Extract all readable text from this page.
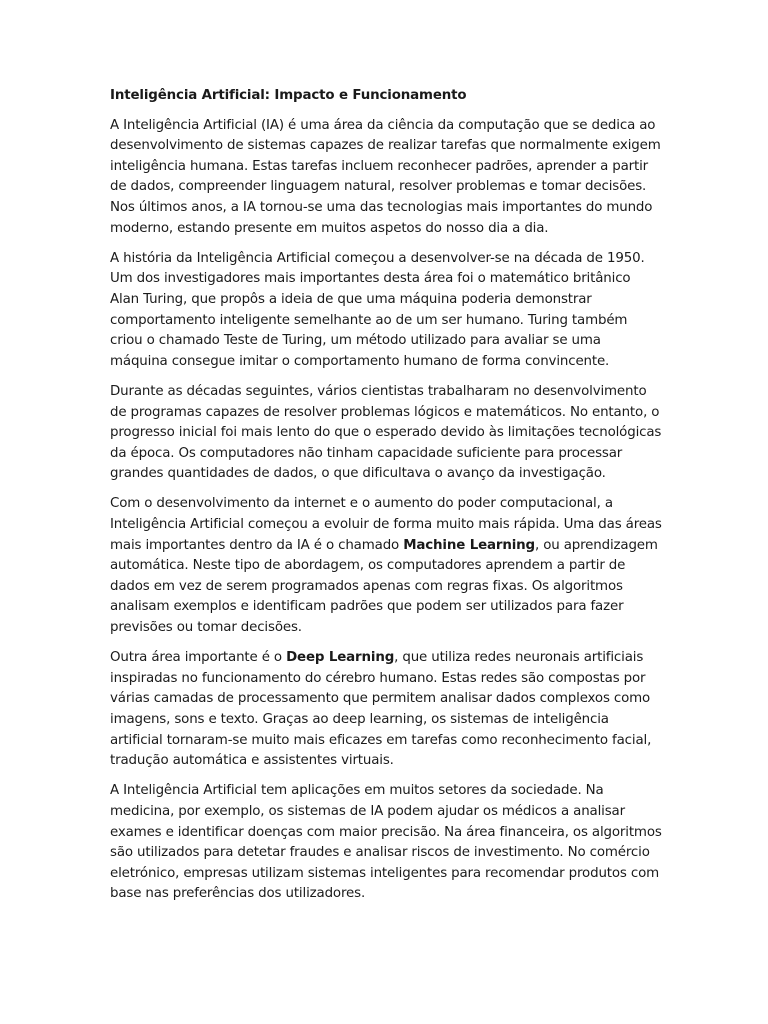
Inteligência Artificial: Impacto e Funcionamento

A Inteligência Artificial (IA) é uma área da ciência da computação que se dedica ao desenvolvimento de sistemas capazes de realizar tarefas que normalmente exigem inteligência humana. Estas tarefas incluem reconhecer padrões, aprender a partir de dados, compreender linguagem natural, resolver problemas e tomar decisões. Nos últimos anos, a IA tornou-se uma das tecnologias mais importantes do mundo moderno, estando presente em muitos aspetos do nosso dia a dia.

A história da Inteligência Artificial começou a desenvolver-se na década de 1950. Um dos investigadores mais importantes desta área foi o matemático britânico Alan Turing, que propôs a ideia de que uma máquina poderia demonstrar comportamento inteligente semelhante ao de um ser humano. Turing também criou o chamado Teste de Turing, um método utilizado para avaliar se uma máquina consegue imitar o comportamento humano de forma convincente.

Durante as décadas seguintes, vários cientistas trabalharam no desenvolvimento de programas capazes de resolver problemas lógicos e matemáticos. No entanto, o progresso inicial foi mais lento do que o esperado devido às limitações tecnológicas da época. Os computadores não tinham capacidade suficiente para processar grandes quantidades de dados, o que dificultava o avanço da investigação.

Com o desenvolvimento da internet e o aumento do poder computacional, a Inteligência Artificial começou a evoluir de forma muito mais rápida. Uma das áreas mais importantes dentro da IA é o chamado Machine Learning, ou aprendizagem automática. Neste tipo de abordagem, os computadores aprendem a partir de dados em vez de serem programados apenas com regras fixas. Os algoritmos analisam exemplos e identificam padrões que podem ser utilizados para fazer previsões ou tomar decisões.

Outra área importante é o Deep Learning, que utiliza redes neuronais artificiais inspiradas no funcionamento do cérebro humano. Estas redes são compostas por várias camadas de processamento que permitem analisar dados complexos como imagens, sons e texto. Graças ao deep learning, os sistemas de inteligência artificial tornaram-se muito mais eficazes em tarefas como reconhecimento facial, tradução automática e assistentes virtuais.

A Inteligência Artificial tem aplicações em muitos setores da sociedade. Na medicina, por exemplo, os sistemas de IA podem ajudar os médicos a analisar exames e identificar doenças com maior precisão. Na área financeira, os algoritmos são utilizados para detetar fraudes e analisar riscos de investimento. No comércio eletrónico, empresas utilizam sistemas inteligentes para recomendar produtos com base nas preferências dos utilizadores.
